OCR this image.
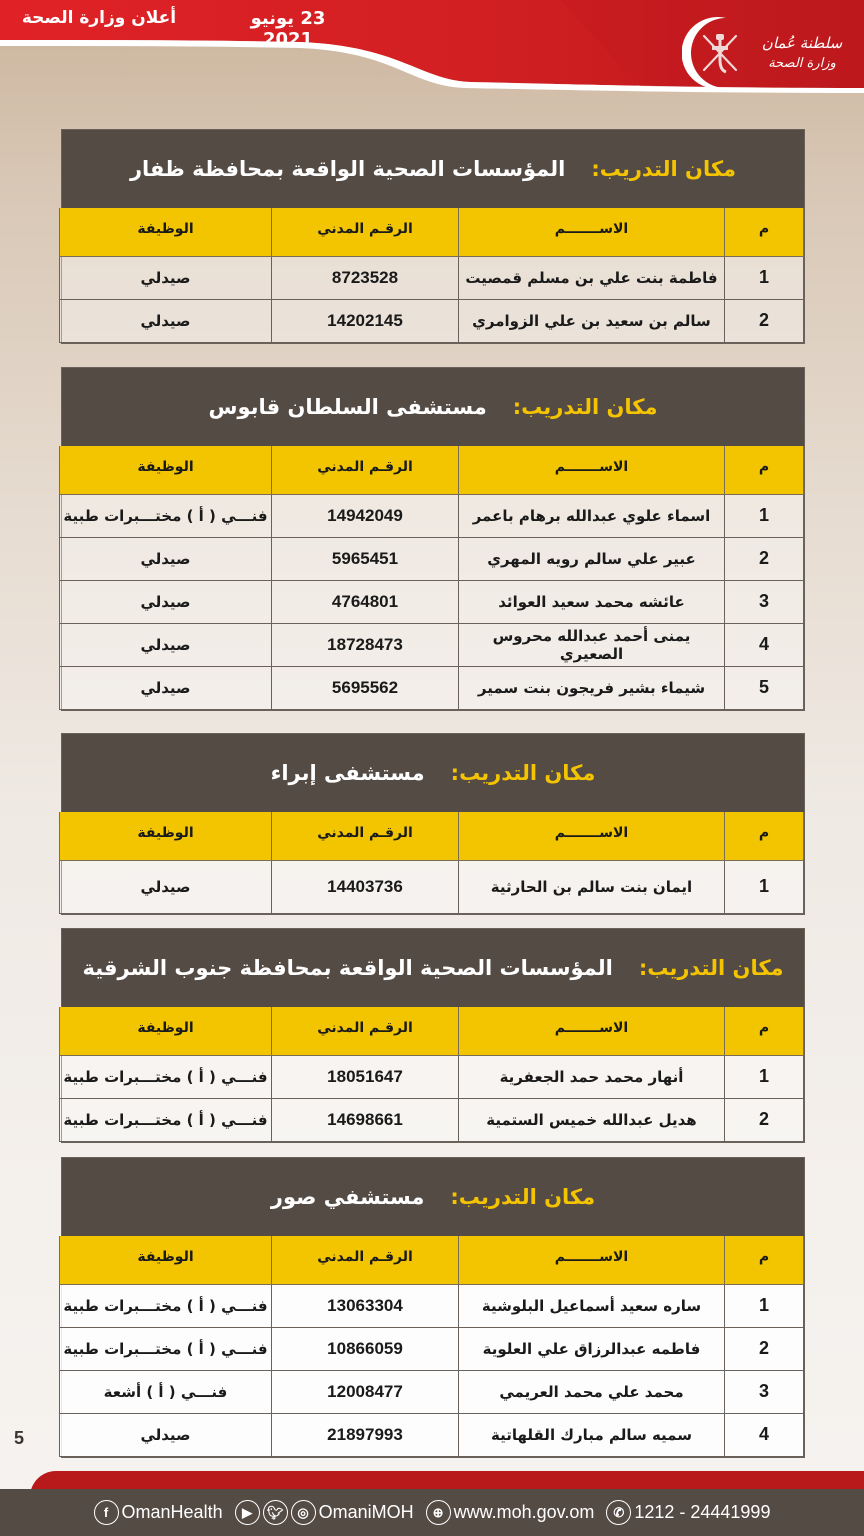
أعلان وزارة الصحة	23 يونيو 2021	سلطنة عُمان
وزارة الصحة
مكان التدريب:
المؤسسات الصحية الواقعة بمحافظة ظفار
م	الاســـــــم	الرقـم المدني	الوظيفة
1	فاطمة بنت علي بن مسلم قمصيت	8723528	صيدلي
2	سالم بن سعيد بن علي الزوامري	14202145	صيدلي
مكان التدريب:
مستشفى السلطان قابوس
م	الاســـــــم	الرقـم المدني	الوظيفة
1	اسماء علوي عبدالله برهام باعمر	14942049	فنـــي ( أ ) مختـــبرات طبية
2	عبير علي سالم رويه المهري	5965451	صيدلي
3	عائشه محمد سعيد العوائد	4764801	صيدلي
4	يمنى أحمد عبدالله محروس الصعيري	18728473	صيدلي
5	شيماء بشير فريجون بنت سمير	5695562	صيدلي
مكان التدريب:
مستشفى إبراء
م	الاســـــــم	الرقـم المدني	الوظيفة
1	ايمان بنت سالم بن الحارثية	14403736	صيدلي
مكان التدريب:
المؤسسات الصحية الواقعة بمحافظة جنوب الشرقية
م	الاســـــــم	الرقـم المدني	الوظيفة
1	أنهار محمد حمد الجعفرية	18051647	فنـــي ( أ ) مختـــبرات طبية
2	هديل عبدالله خميس الستمية	14698661	فنـــي ( أ ) مختـــبرات طبية
مكان التدريب:
مستشفي صور
م	الاســـــــم	الرقـم المدني	الوظيفة
1	ساره سعيد أسماعيل البلوشية	13063304	فنـــي ( أ ) مختـــبرات طبية
2	فاطمه عبدالرزاق علي العلوية	10866059	فنـــي ( أ ) مختـــبرات طبية
3	محمد علي محمد العريمي	12008477	فنـــي ( أ ) أشعة
4	سميه سالم مبارك القلهاتية	21897993	صيدلي
5
f OmanHealth	▶	🐦︎	◎ OmaniMOH	⊕ www.moh.gov.om	✆ 1212 - 24441999
